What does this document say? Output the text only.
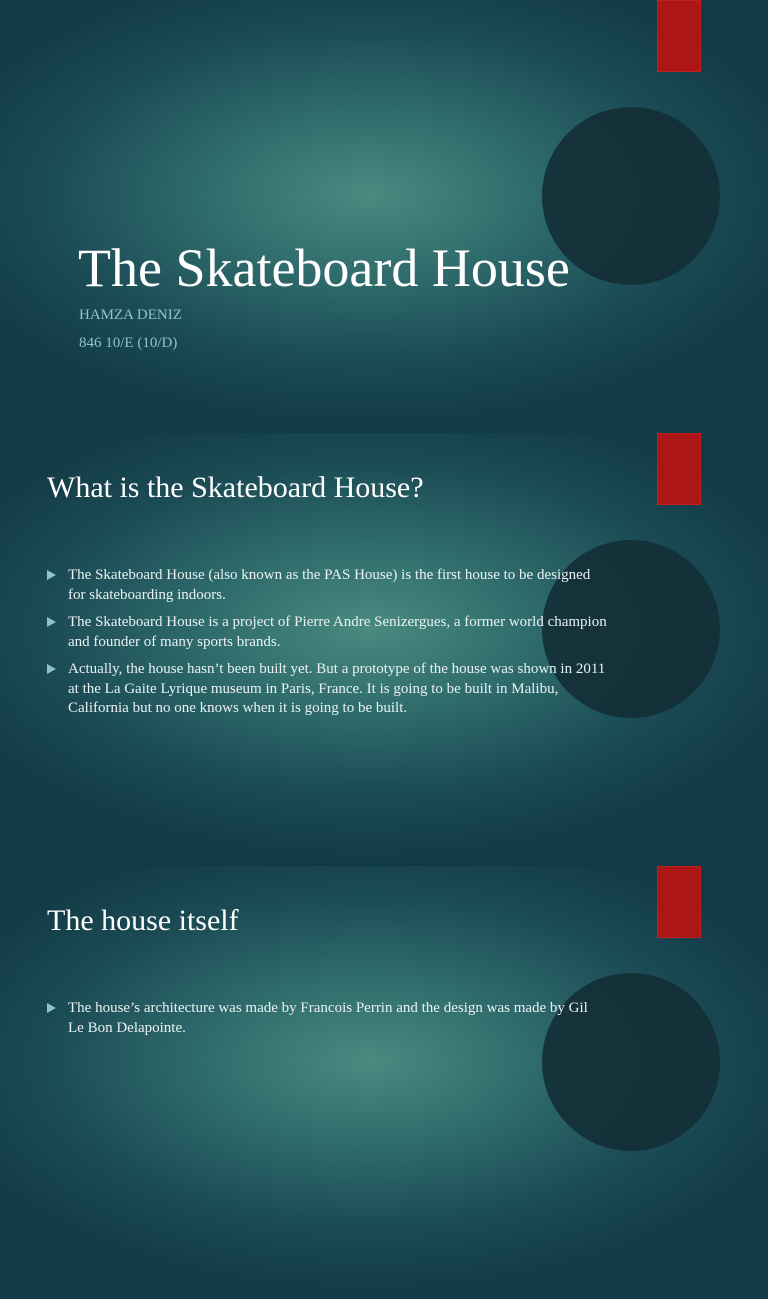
The Skateboard House

HAMZA DENIZ

846 10/E (10/D)

What is the Skateboard House?
The Skateboard House (also known as the PAS House) is the first house to be designed for skateboarding indoors.
The Skateboard House is a project of Pierre Andre Senizergues, a former world champion and founder of many sports brands.
Actually, the house hasn’t been built yet. But a prototype of the house was shown in 2011 at the La Gaite Lyrique museum in Paris, France. It is going to be built in Malibu, California but no one knows when it is going to be built.
The house itself
The house’s architecture was made by Francois Perrin and the design was made by Gil Le Bon Delapointe.
